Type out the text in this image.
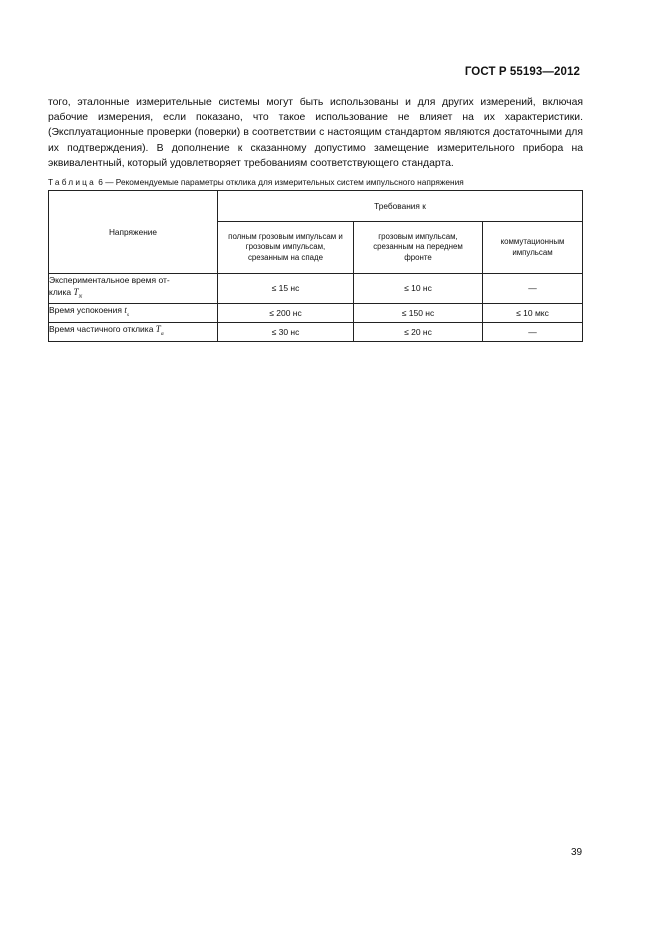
ГОСТ Р 55193—2012

того, эталонные измерительные системы могут быть использованы и для других измерений, включая рабочие измерения, если показано, что такое использование не влияет на их характеристики. (Эксплуатационные проверки (поверки) в соответствии с настоящим стандартом являются достаточными для их подтверждения). В дополнение к сказанному допустимо замещение измерительного прибора на эквивалентный, который удовлетворяет требованиям соответствующего стандарта.

Таблица 6 — Рекомендуемые параметры отклика для измерительных систем импульсного напряжения
Напряжение	Требования к		
	полным грозовым импульсам и грозовым импульсам, срезанным на спаде	грозовым импульсам, срезанным на переднем фронте	коммутационным импульсам

Экспериментальное время от-
клика $T_N$	≤ 15 нс	≤ 10 нс	—
Время успокоения $t_s$	≤ 200 нс	≤ 150 нс	≤ 10 мкс
Время частичного отклика $T_\alpha$	≤ 30 нс	≤ 20 нс	—
39
